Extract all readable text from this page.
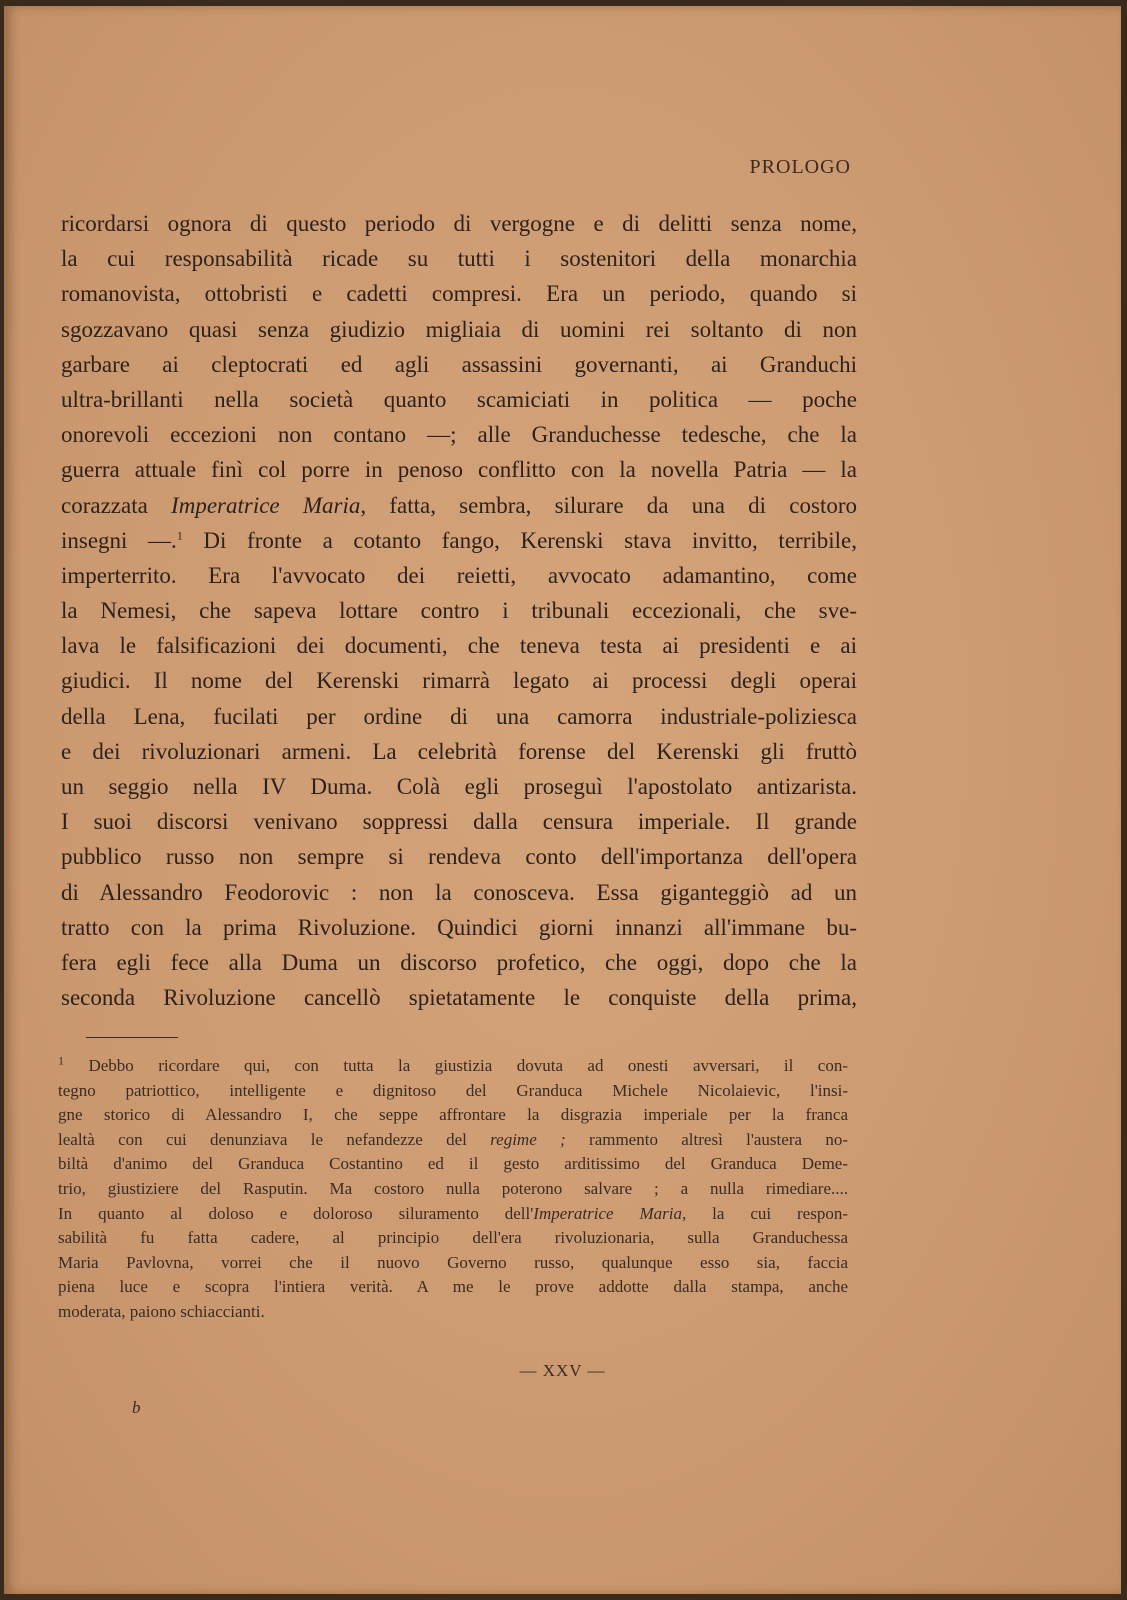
PROLOGO
ricordarsi ognora di questo periodo di vergogne e di delitti senza nome,
la cui responsabilità ricade su tutti i sostenitori della monarchia
romanovista, ottobristi e cadetti compresi. Era un periodo, quando si
sgozzavano quasi senza giudizio migliaia di uomini rei soltanto di non
garbare ai cleptocrati ed agli assassini governanti, ai Granduchi
ultra-brillanti nella società quanto scamiciati in politica — poche
onorevoli eccezioni non contano —; alle Granduchesse tedesche, che la
guerra attuale finì col porre in penoso conflitto con la novella Patria — la
corazzata Imperatrice Maria, fatta, sembra, silurare da una di costoro
insegni —.$^1$ Di fronte a cotanto fango, Kerenski stava invitto, terribile,
imperterrito. Era l'avvocato dei reietti, avvocato adamantino, come
la Nemesi, che sapeva lottare contro i tribunali eccezionali, che sve-
lava le falsificazioni dei documenti, che teneva testa ai presidenti e ai
giudici. Il nome del Kerenski rimarrà legato ai processi degli operai
della Lena, fucilati per ordine di una camorra industriale-poliziesca
e dei rivoluzionari armeni. La celebrità forense del Kerenski gli fruttò
un seggio nella IV Duma. Colà egli proseguì l'apostolato antizarista.
I suoi discorsi venivano soppressi dalla censura imperiale. Il grande
pubblico russo non sempre si rendeva conto dell'importanza dell'opera
di Alessandro Feodorovic : non la conosceva. Essa giganteggiò ad un
tratto con la prima Rivoluzione. Quindici giorni innanzi all'immane bu-
fera egli fece alla Duma un discorso profetico, che oggi, dopo che la
seconda Rivoluzione cancellò spietatamente le conquiste della prima,
$^1$ Debbo ricordare qui, con tutta la giustizia dovuta ad onesti avversari, il con-
tegno patriottico, intelligente e dignitoso del Granduca Michele Nicolaievic, l'insi-
gne storico di Alessandro I, che seppe affrontare la disgrazia imperiale per la franca
lealtà con cui denunziava le nefandezze del regime ; rammento altresì l'austera no-
biltà d'animo del Granduca Costantino ed il gesto arditissimo del Granduca Deme-
trio, giustiziere del Rasputin. Ma costoro nulla poterono salvare ; a nulla rimediare....
In quanto al doloso e doloroso siluramento dell'Imperatrice Maria, la cui respon-
sabilità fu fatta cadere, al principio dell'era rivoluzionaria, sulla Granduchessa
Maria Pavlovna, vorrei che il nuovo Governo russo, qualunque esso sia, faccia
piena luce e scopra l'intiera verità. A me le prove addotte dalla stampa, anche
moderata, paiono schiaccianti.
— XXV —
b
